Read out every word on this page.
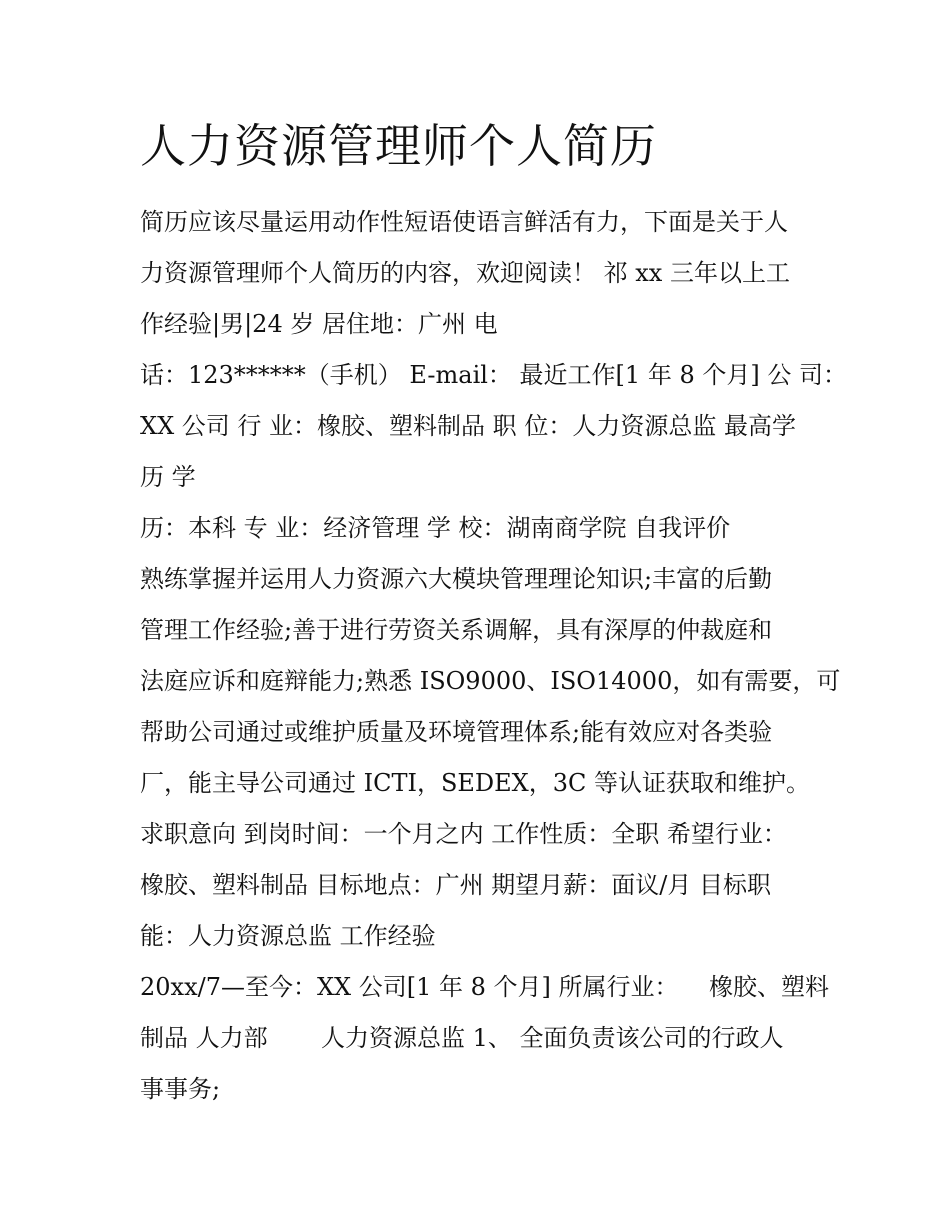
人力资源管理师个人简历
简历应该尽量运用动作性短语使语言鲜活有力，下面是关于人
力资源管理师个人简历的内容，欢迎阅读！ 祁 xx 三年以上工
作经验|男|24 岁 居住地：广州 电
话：123******（手机） E-mail： 最近工作[1 年 8 个月] 公 司：
XX 公司 行 业：橡胶、塑料制品 职 位：人力资源总监 最高学
历 学
历：本科 专 业：经济管理 学 校：湖南商学院 自我评价
熟练掌握并运用人力资源六大模块管理理论知识;丰富的后勤
管理工作经验;善于进行劳资关系调解，具有深厚的仲裁庭和
法庭应诉和庭辩能力;熟悉 ISO9000、ISO14000，如有需要，可
帮助公司通过或维护质量及环境管理体系;能有效应对各类验
厂，能主导公司通过 ICTI，SEDEX，3C 等认证获取和维护。
求职意向 到岗时间：一个月之内 工作性质：全职 希望行业：
橡胶、塑料制品 目标地点：广州 期望月薪：面议/月 目标职
能：人力资源总监 工作经验
20xx/7—至今：XX 公司[1 年 8 个月] 所属行业：    橡胶、塑料
制品 人力部       人力资源总监 1、 全面负责该公司的行政人
事事务;
